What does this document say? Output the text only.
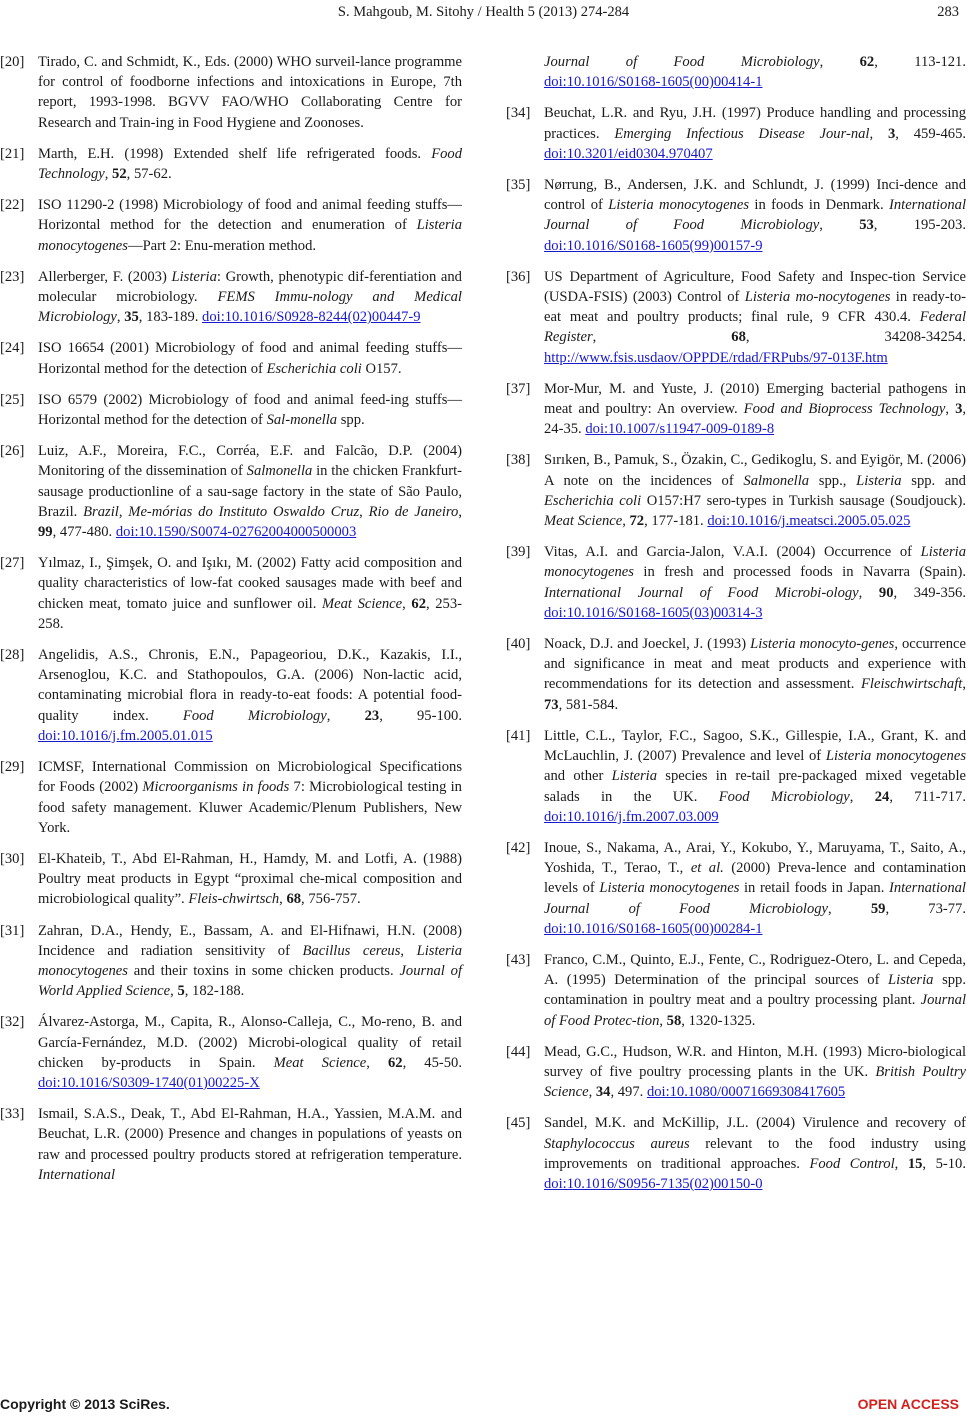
S. Mahgoub, M. Sitohy / Health 5 (2013) 274-284	283
[20] Tirado, C. and Schmidt, K., Eds. (2000) WHO surveil-lance programme for control of foodborne infections and intoxications in Europe, 7th report, 1993-1998. BGVV FAO/WHO Collaborating Centre for Research and Train-ing in Food Hygiene and Zoonoses.
[21] Marth, E.H. (1998) Extended shelf life refrigerated foods. Food Technology, 52, 57-62.
[22] ISO 11290-2 (1998) Microbiology of food and animal feeding stuffs—Horizontal method for the detection and enumeration of Listeria monocytogenes—Part 2: Enu-meration method.
[23] Allerberger, F. (2003) Listeria: Growth, phenotypic dif-ferentiation and molecular microbiology. FEMS Immu-nology and Medical Microbiology, 35, 183-189. doi:10.1016/S0928-8244(02)00447-9
[24] ISO 16654 (2001) Microbiology of food and animal feeding stuffs—Horizontal method for the detection of Escherichia coli O157.
[25] ISO 6579 (2002) Microbiology of food and animal feed-ing stuffs—Horizontal method for the detection of Sal-monella spp.
[26] Luiz, A.F., Moreira, F.C., Corréa, E.F. and Falcão, D.P. (2004) Monitoring of the dissemination of Salmonella in the chicken Frankfurt-sausage productionline of a sau-sage factory in the state of São Paulo, Brazil. Brazil, Me-mórias do Instituto Oswaldo Cruz, Rio de Janeiro, 99, 477-480. doi:10.1590/S0074-02762004000500003
[27] Yılmaz, I., Şimşek, O. and Işıkı, M. (2002) Fatty acid composition and quality characteristics of low-fat cooked sausages made with beef and chicken meat, tomato juice and sunflower oil. Meat Science, 62, 253-258.
[28] Angelidis, A.S., Chronis, E.N., Papageoriou, D.K., Kazakis, I.I., Arsenoglou, K.C. and Stathopoulos, G.A. (2006) Non-lactic acid, contaminating microbial flora in ready-to-eat foods: A potential food-quality index. Food Microbiology, 23, 95-100. doi:10.1016/j.fm.2005.01.015
[29] ICMSF, International Commission on Microbiological Specifications for Foods (2002) Microorganisms in foods 7: Microbiological testing in food safety management. Kluwer Academic/Plenum Publishers, New York.
[30] El-Khateib, T., Abd El-Rahman, H., Hamdy, M. and Lotfi, A. (1988) Poultry meat products in Egypt “proximal che-mical composition and microbiological quality”. Fleis-chwirtsch, 68, 756-757.
[31] Zahran, D.A., Hendy, E., Bassam, A. and El-Hifnawi, H.N. (2008) Incidence and radiation sensitivity of Bacillus cereus, Listeria monocytogenes and their toxins in some chicken products. Journal of World Applied Science, 5, 182-188.
[32] Álvarez-Astorga, M., Capita, R., Alonso-Calleja, C., Mo-reno, B. and García-Fernández, M.D. (2002) Microbi-ological quality of retail chicken by-products in Spain. Meat Science, 62, 45-50. doi:10.1016/S0309-1740(01)00225-X
[33] Ismail, S.A.S., Deak, T., Abd El-Rahman, H.A., Yassien, M.A.M. and Beuchat, L.R. (2000) Presence and changes in populations of yeasts on raw and processed poultry products stored at refrigeration temperature. International
Journal of Food Microbiology, 62, 113-121. doi:10.1016/S0168-1605(00)00414-1
[34] Beuchat, L.R. and Ryu, J.H. (1997) Produce handling and processing practices. Emerging Infectious Disease Jour-nal, 3, 459-465. doi:10.3201/eid0304.970407
[35] Nørrung, B., Andersen, J.K. and Schlundt, J. (1999) Inci-dence and control of Listeria monocytogenes in foods in Denmark. International Journal of Food Microbiology, 53, 195-203. doi:10.1016/S0168-1605(99)00157-9
[36] US Department of Agriculture, Food Safety and Inspec-tion Service (USDA-FSIS) (2003) Control of Listeria mo-nocytogenes in ready-to-eat meat and poultry products; final rule, 9 CFR 430.4. Federal Register, 68, 34208-34254. http://www.fsis.usdaov/OPPDE/rdad/FRPubs/97-013F.htm
[37] Mor-Mur, M. and Yuste, J. (2010) Emerging bacterial pathogens in meat and poultry: An overview. Food and Bioprocess Technology, 3, 24-35. doi:10.1007/s11947-009-0189-8
[38] Sırıken, B., Pamuk, S., Özakin, C., Gedikoglu, S. and Eyigör, M. (2006) A note on the incidences of Salmonella spp., Listeria spp. and Escherichia coli O157:H7 sero-types in Turkish sausage (Soudjouck). Meat Science, 72, 177-181. doi:10.1016/j.meatsci.2005.05.025
[39] Vitas, A.I. and Garcia-Jalon, V.A.I. (2004) Occurrence of Listeria monocytogenes in fresh and processed foods in Navarra (Spain). International Journal of Food Microbi-ology, 90, 349-356. doi:10.1016/S0168-1605(03)00314-3
[40] Noack, D.J. and Joeckel, J. (1993) Listeria monocyto-genes, occurrence and significance in meat and meat products and experience with recommendations for its detection and assessment. Fleischwirtschaft, 73, 581-584.
[41] Little, C.L., Taylor, F.C., Sagoo, S.K., Gillespie, I.A., Grant, K. and McLauchlin, J. (2007) Prevalence and level of Listeria monocytogenes and other Listeria species in re-tail pre-packaged mixed vegetable salads in the UK. Food Microbiology, 24, 711-717. doi:10.1016/j.fm.2007.03.009
[42] Inoue, S., Nakama, A., Arai, Y., Kokubo, Y., Maruyama, T., Saito, A., Yoshida, T., Terao, T., et al. (2000) Preva-lence and contamination levels of Listeria monocytogenes in retail foods in Japan. International Journal of Food Microbiology, 59, 73-77. doi:10.1016/S0168-1605(00)00284-1
[43] Franco, C.M., Quinto, E.J., Fente, C., Rodriguez-Otero, L. and Cepeda, A. (1995) Determination of the principal sources of Listeria spp. contamination in poultry meat and a poultry processing plant. Journal of Food Protec-tion, 58, 1320-1325.
[44] Mead, G.C., Hudson, W.R. and Hinton, M.H. (1993) Micro-biological survey of five poultry processing plants in the UK. British Poultry Science, 34, 497. doi:10.1080/00071669308417605
[45] Sandel, M.K. and McKillip, J.L. (2004) Virulence and recovery of Staphylococcus aureus relevant to the food industry using improvements on traditional approaches. Food Control, 15, 5-10. doi:10.1016/S0956-7135(02)00150-0
Copyright © 2013 SciRes.	OPEN ACCESS
